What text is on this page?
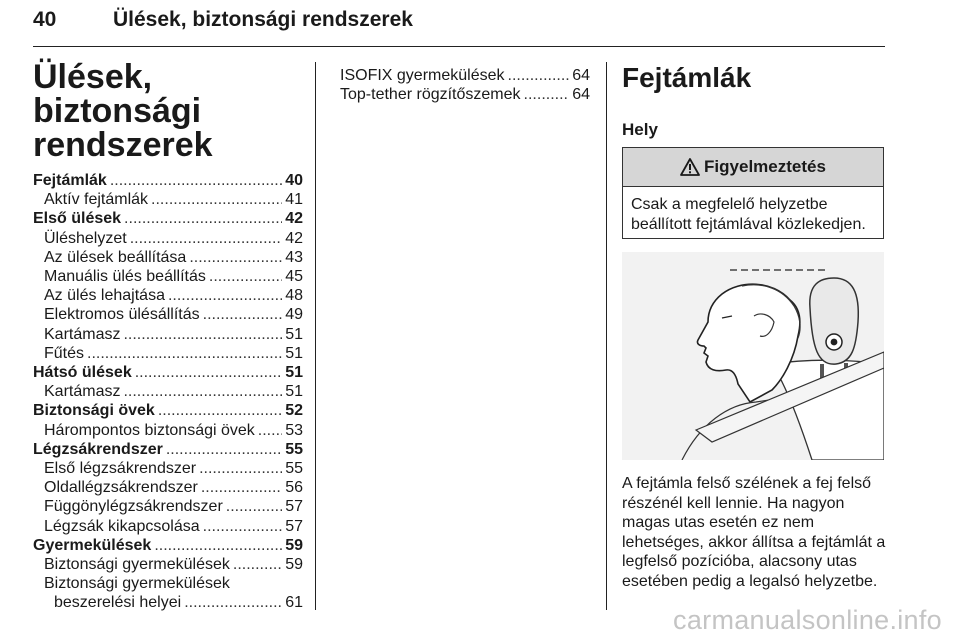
40	Ülések, biztonsági rendszerek
Ülések, biztonsági
rendszerek
Fejtámlák .....	40
Aktív fejtámlák .....	41
Első ülések .....	42
Üléshelyzet .....	42
Az ülések beállítása .....	43
Manuális ülés beállítás .....	45
Az ülés lehajtása .....	48
Elektromos ülésállítás .....	49
Kartámasz .....	51
Fűtés .....	51
Hátsó ülések .....	51
Kartámasz .....	51
Biztonsági övek .....	52
Hárompontos biztonsági övek ..... 53
Légzsákrendszer .....	55
Első légzsákrendszer .....	55
Oldallégzsákrendszer .....	56
Függönylégzsákrendszer .....	57
Légzsák kikapcsolása .....	57
Gyermekülések .....	59
Biztonsági gyermekülések .....	59
Biztonsági gyermekülések
beszerelési helyei .....	61
ISOFIX gyermekülések .....	64
Top-tether rögzítőszemek .....	64
Fejtámlák
Hely
Figyelmeztetés
Csak a megfelelő helyzetbe
beállított fejtámlával közlekedjen.
A fejtámla felső szélének a fej felső
részénél kell lennie. Ha nagyon
magas utas esetén ez nem
lehetséges, akkor állítsa a fejtámlát a
legfelső pozícióba, alacsony utas
esetében pedig a legalsó helyzetbe.
carmanualsonline.info
